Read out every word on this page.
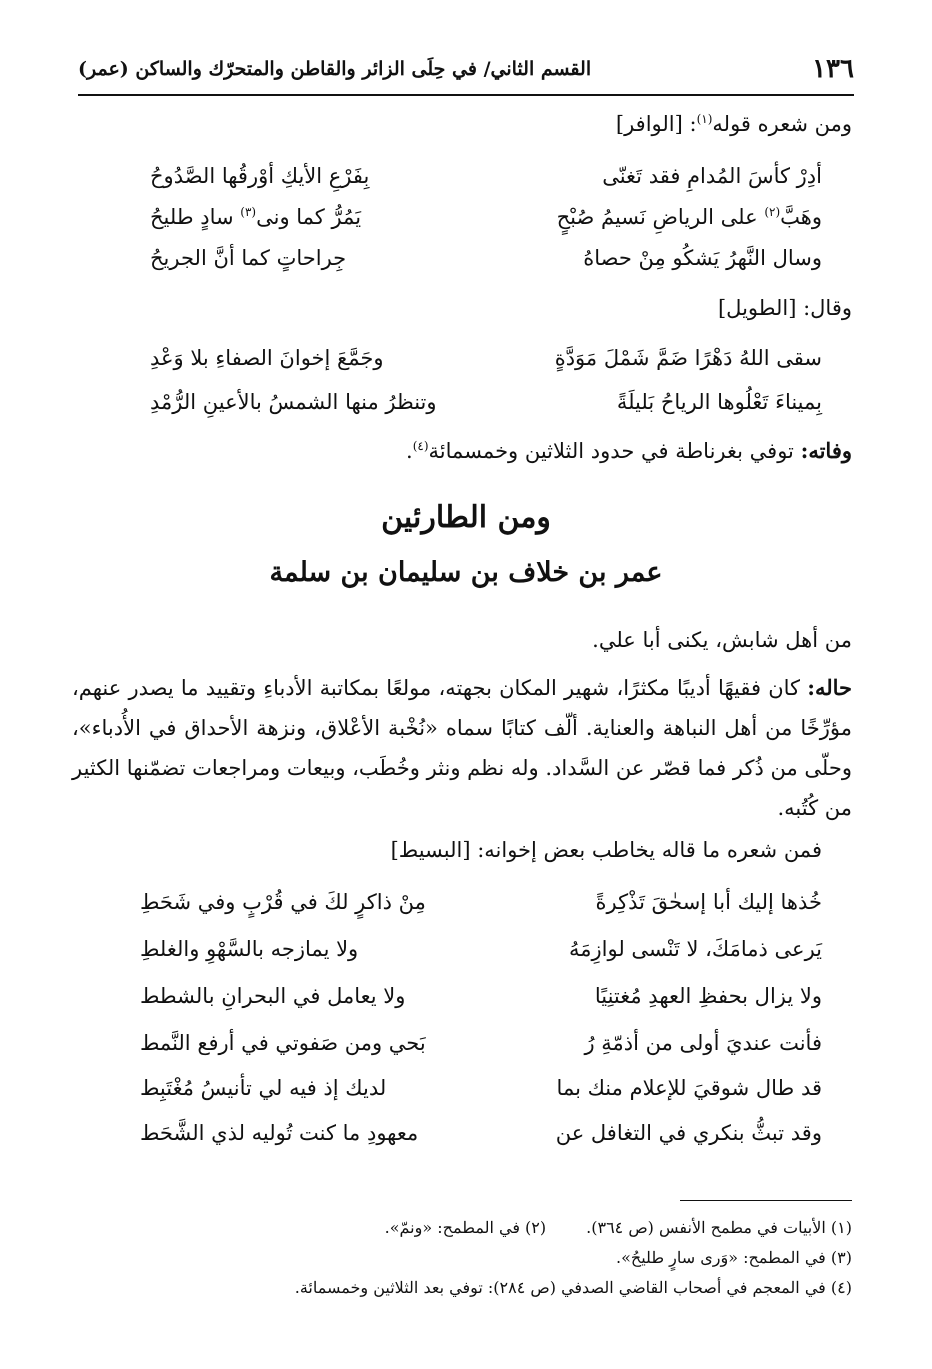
١٣٦
القسم الثاني/ في حِلَى الزائر والقاطن والمتحرّك والساكن (عمر)
ومن شعره قوله$^{(١)}$: [الوافر]
أدِرْ كأسَ المُدامِ فقد تَغنّى
بِفَرْعِ الأيكِ أوْرقُها الصَّدُوحُ
وهَبَّ$^{(٢)}$ على الرياضِ نَسيمُ صُبْحٍ
يَمُرُّ كما ونى$^{(٣)}$ سادٍ طليحُ
وسال النَّهرُ يَشكُو مِنْ حصاهُ
جِراحاتٍ كما أنَّ الجريحُ
وقال: [الطويل]
سقى اللهُ دَهْرًا ضَمَّ شَمْلَ مَوَدَّةٍ
وجَمَّعَ إخوانَ الصفاءِ بلا وَعْدِ
بِميناءَ تَعْلُوها الرياحُ بَليلَةً
وتنظرُ منها الشمسُ بالأعينِ الرُّمْدِ
وفاته: توفي بغرناطة في حدود الثلاثين وخمسمائة$^{(٤)}$.
ومن الطارئين
عمر بن خلاف بن سليمان بن سلمة
من أهل شابش، يكنى أبا علي.
حاله: كان فقيهًا أديبًا مكثرًا، شهير المكان بجهته، مولعًا بمكاتبة الأدباءِ وتقييد ما يصدر عنهم، مؤرِّخًا من أهل النباهة والعناية. ألّف كتابًا سماه «نُخْبة الأعْلاق، ونزهة الأحداق في الأُدباء»، وحلّى من ذُكر فما قصّر عن السَّداد. وله نظم ونثر وخُطَب، وبيعات ومراجعات تضمّنها الكثير من كُتُبه.
فمن شعره ما قاله يخاطب بعض إخوانه: [البسيط]
خُذها إليك أبا إسحٰقَ تَذْكِرةً
مِنْ ذاكرٍ لكَ في قُرْبٍ وفي شَحَطِ
يَرعى ذمامَكَ، لا تَنْسى لوازِمَهُ
ولا يمازجه بالسَّهْوِ والغلطِ
ولا يزال بحفظِ العهدِ مُغتنِيًا
ولا يعامل في البحرانِ بالشطط
فأنت عنديَ أولى من أذمّةِ رُ
بَحي ومن صَفوتي في أرفع النَّمط
قد طال شوقيَ للإعلام منك بما
لديك إذ فيه لي تأنيسُ مُغْتَبِط
وقد تبثُّ بنكري في التغافل عن
معهودِ ما كنت تُوليه لذي الشَّحَط
(١) الأبيات في مطمح الأنفس (ص ٣٦٤).(٢) في المطمح: «ونمّ».
(٣) في المطمح: «وَرى سارٍ طليحُ».
(٤) في المعجم في أصحاب القاضي الصدفي (ص ٢٨٤): توفي بعد الثلاثين وخمسمائة.
